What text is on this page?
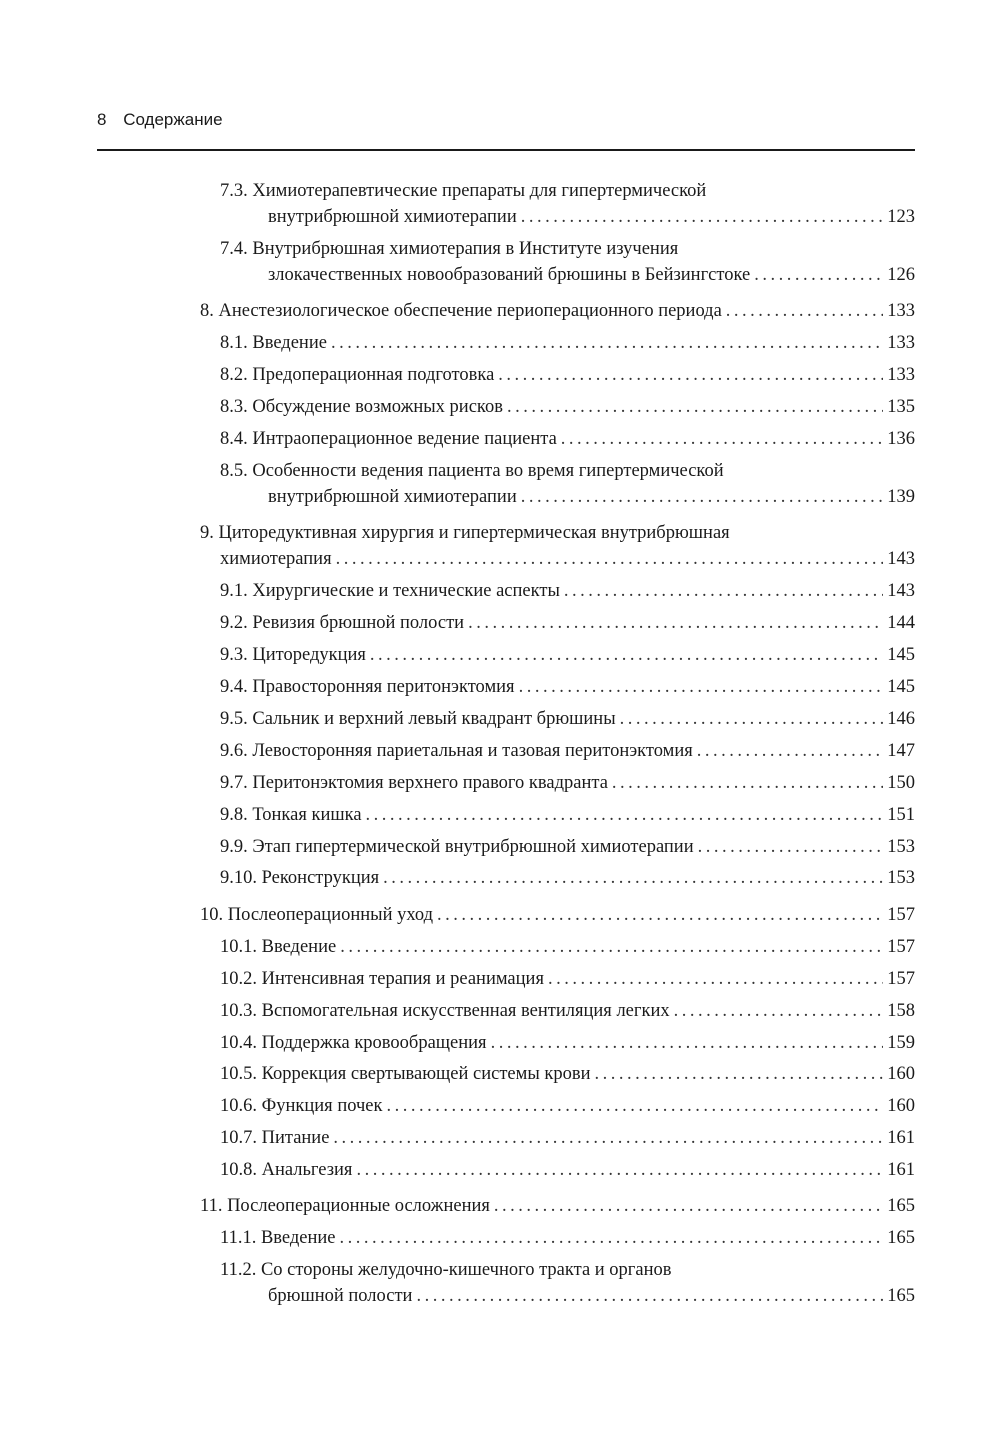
8 Содержание
7.3. Химиотерапевтические препараты для гипертермической
внутрибрюшной химиотерапии .....	123
7.4. Внутрибрюшная химиотерапия в Институте изучения
злокачественных новообразований брюшины в Бейзингстоке .....	126
8. Анестезиологическое обеспечение периоперационного периода .....	133
8.1. Введение .....	133
8.2. Предоперационная подготовка .....	133
8.3. Обсуждение возможных рисков .....	135
8.4. Интраоперационное ведение пациента .....	136
8.5. Особенности ведения пациента во время гипертермической
внутрибрюшной химиотерапии .....	139
9. Циторедуктивная хирургия и гипертермическая внутрибрюшная
химиотерапия .....	143
9.1. Хирургические и технические аспекты .....	143
9.2. Ревизия брюшной полости .....	144
9.3. Циторедукция .....	145
9.4. Правосторонняя перитонэктомия .....	145
9.5. Сальник и верхний левый квадрант брюшины .....	146
9.6. Левосторонняя париетальная и тазовая перитонэктомия .....	147
9.7. Перитонэктомия верхнего правого квадранта .....	150
9.8. Тонкая кишка .....	151
9.9. Этап гипертермической внутрибрюшной химиотерапии .....	153
9.10. Реконструкция .....	153
10. Послеоперационный уход .....	157
10.1. Введение .....	157
10.2. Интенсивная терапия и реанимация .....	157
10.3. Вспомогательная искусственная вентиляция легких .....	158
10.4. Поддержка кровообращения .....	159
10.5. Коррекция свертывающей системы крови .....	160
10.6. Функция почек .....	160
10.7. Питание .....	161
10.8. Анальгезия .....	161
11. Послеоперационные осложнения .....	165
11.1. Введение .....	165
11.2. Со стороны желудочно-кишечного тракта и органов
брюшной полости .....	165
